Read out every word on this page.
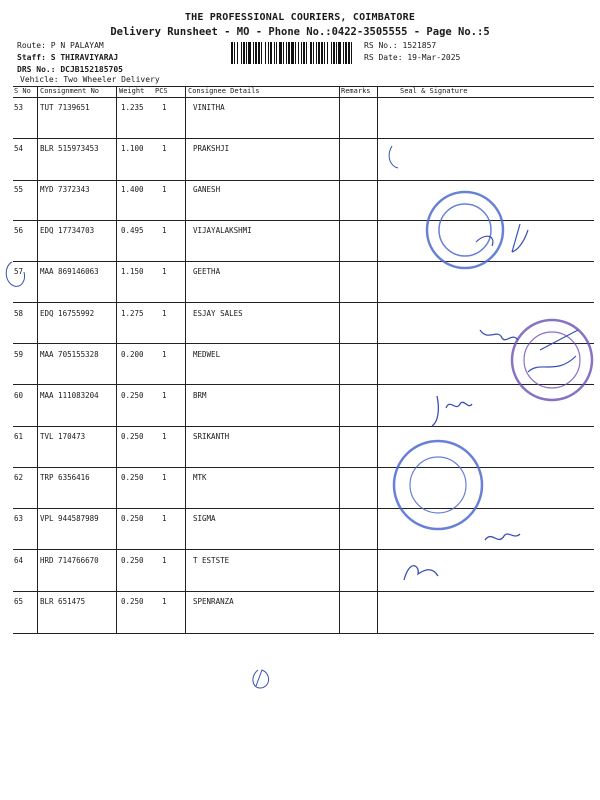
THE PROFESSIONAL COURIERS, COIMBATORE
Delivery Runsheet - MO - Phone No.:0422-3505555 - Page No.:5
Route: P N PALAYAM
Staff: S THIRAVIYARAJ
DRS No.: DCJB152185705
Vehicle: Two Wheeler Delivery
RS No.: 1521857
RS Date: 19-Mar-2025
S No Consignment No	Weight PCS	Consignee Details	Remarks	Seal & Signature
53 TUT 7139651	1.235 1	VINITHA
54 BLR 515973453	1.100 1	PRAKSHJI
55 MYD 7372343	1.400 1	GANESH
56 EDQ 17734703	0.495 1	VIJAYALAKSHMI
57 MAA 869146063	1.150 1	GEETHA
58 EDQ 16755992	1.275 1	ESJAY SALES
59 MAA 705155328	0.200 1	MEDWEL
60 MAA 111083204	0.250 1	BRM
61 TVL 170473	0.250 1	SRIKANTH
62 TRP 6356416	0.250 1	MTK
63 VPL 944587989	0.250 1	SIGMA
64 HRD 714766670	0.250 1	T ESTSTE
65 BLR 651475	0.250 1	SPENRANZA
Omena
9790440075
Ganesh 9865171079
CBE-57
D/O/S
S. R
SHREE
CBE-57
94 5509 39
For SIGMA TRADING CORPORATION
Partner
19/3/25
Rena
